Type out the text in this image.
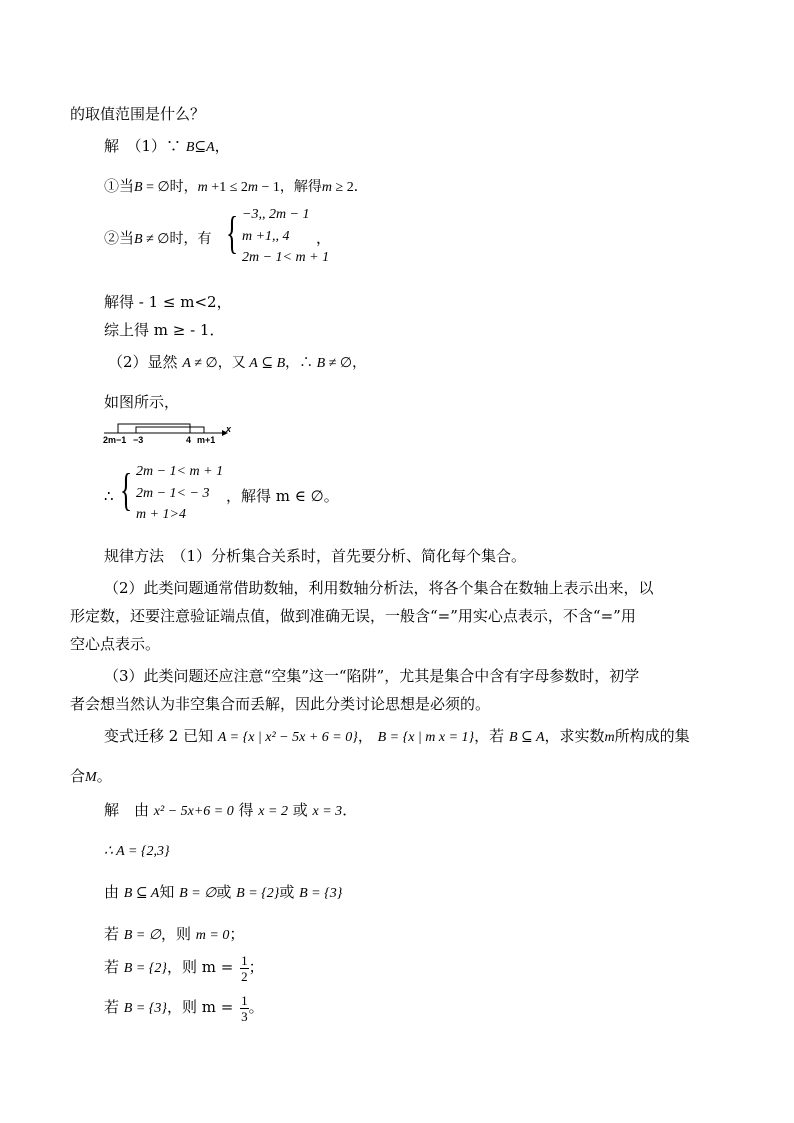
的取值范围是什么？
解　（1）∵ B⊆A，
①当B = ∅时，m +1 ≤ 2m − 1，解得m ≥ 2．
②当B ≠ ∅时，有 { −3,, 2m − 1
m +1,, 4
2m − 1< m + 1
，
解得 - 1 ≤ m<2，
综上得 m ≥ - 1．
（2）显然 A ≠ ∅，又 A ⊆ B，∴ B ≠ ∅，
如图所示，
2m−1 −3	4 m+1
x
∴ { 2m − 1< m + 1
2m − 1< − 3
m + 1>4
，解得 m ∈ ∅。
规律方法　（1）分析集合关系时，首先要分析、简化每个集合。
（2）此类问题通常借助数轴，利用数轴分析法，将各个集合在数轴上表示出来，以
形定数，还要注意验证端点值，做到准确无误，一般含“=”用实心点表示，不含“=”用
空心点表示。
（3）此类问题还应注意“空集”这一“陷阱”，尤其是集合中含有字母参数时，初学
者会想当然认为非空集合而丢解，因此分类讨论思想是必须的。
变式迁移 2 已知 A = {x | x² − 5x + 6 = 0}， B = {x | m x = 1}，若 B ⊆ A，求实数m所构成的集
合M。
解　由 x² − 5x+6 = 0 得 x = 2 或 x = 3．
∴ A = {2,3}
由 B ⊆ A知 B = ∅或 B = {2}或 B = {3}
若 B = ∅，则 m = 0；
若 B = {2}，则 $m = \frac{1}{2}$ ；
若 B = {3}，则 $m = \frac{1}{3}$ 。
